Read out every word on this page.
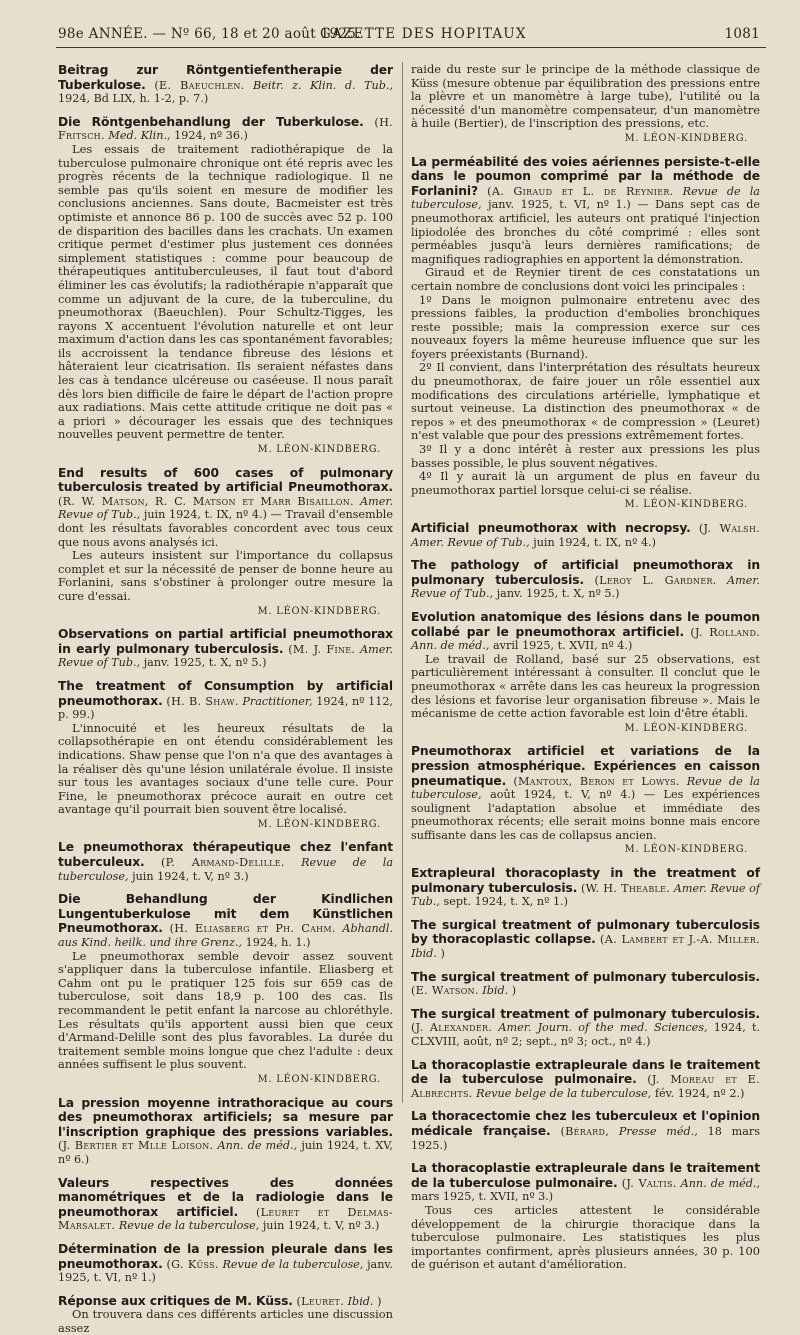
98e ANNÉE. — Nº 66, 18 et 20 août 1925.
GAZETTE DES HOPITAUX	1081
Beitrag zur Röntgentiefentherapie der Tuberkulose. (E. Baeuchlen. Beitr. z. Klin. d. Tub., 1924, Bd LIX, h. 1-2, p. 7.)
Die Röntgenbehandlung der Tuberkulose. (H. Fritsch. Med. Klin., 1924, nº 36.)

Les essais de traitement radiothérapique de la tuberculose pulmonaire chronique ont été repris avec les progrès récents de la technique radiologique. Il ne semble pas qu'ils soient en mesure de modifier les conclusions anciennes. Sans doute, Bacmeister est très optimiste et annonce 86 p. 100 de succès avec 52 p. 100 de disparition des bacilles dans les crachats. Un examen critique permet d'estimer plus justement ces données simplement statistiques : comme pour beaucoup de thérapeutiques antituberculeuses, il faut tout d'abord éliminer les cas évolutifs; la radiothérapie n'apparaît que comme un adjuvant de la cure, de la tuberculine, du pneumothorax (Baeuchlen). Pour Schultz-Tigges, les rayons X accentuent l'évolution naturelle et ont leur maximum d'action dans les cas spontanément favorables; ils accroissent la tendance fibreuse des lésions et hâteraient leur cicatrisation. Ils seraient néfastes dans les cas à tendance ulcéreuse ou caséeuse. Il nous paraît dès lors bien difficile de faire le départ de l'action propre aux radiations. Mais cette attitude critique ne doit pas « a priori » décourager les essais que des techniques nouvelles peuvent permettre de tenter.

M. LÉON-KINDBERG.
End results of 600 cases of pulmonary tuberculosis treated by artificial Pneumothorax. (R. W. Matson, R. C. Matson et Marr Bisaillon. Amer. Revue of Tub., juin 1924, t. IX, nº 4.) — Travail d'ensemble dont les résultats favorables concordent avec tous ceux que nous avons analysés ici.

Les auteurs insistent sur l'importance du collapsus complet et sur la nécessité de penser de bonne heure au Forlanini, sans s'obstiner à prolonger outre mesure la cure d'essai.

M. LÉON-KINDBERG.
Observations on partial artificial pneumothorax in early pulmonary tuberculosis. (M. J. Fine. Amer. Revue of Tub., janv. 1925, t. X, nº 5.)
The treatment of Consumption by artificial pneumothorax. (H. B. Shaw. Practitioner, 1924, nº 112, p. 99.)

L'innocuité et les heureux résultats de la collapsothérapie en ont étendu considérablement les indications. Shaw pense que l'on n'a que des avantages à la réaliser dès qu'une lésion unilatérale évolue. Il insiste sur tous les avantages sociaux d'une telle cure. Pour Fine, le pneumothorax précoce aurait en outre cet avantage qu'il pourrait bien souvent être localisé.

M. LÉON-KINDBERG.
Le pneumothorax thérapeutique chez l'enfant tuberculeux. (P. Armand-Delille. Revue de la tuberculose, juin 1924, t. V, nº 3.)
Die Behandlung der Kindlichen Lungentuberkulose mit dem Künstlichen Pneumothorax. (H. Eliasberg et Ph. Cahm. Abhandl. aus Kind. heilk. und ihre Grenz., 1924, h. 1.)

Le pneumothorax semble devoir assez souvent s'appliquer dans la tuberculose infantile. Eliasberg et Cahm ont pu le pratiquer 125 fois sur 659 cas de tuberculose, soit dans 18,9 p. 100 des cas. Ils recommandent le petit enfant la narcose au chloréthyle. Les résultats qu'ils apportent aussi bien que ceux d'Armand-Delille sont des plus favorables. La durée du traitement semble moins longue que chez l'adulte : deux années suffisent le plus souvent.

M. LÉON-KINDBERG.
La pression moyenne intrathoracique au cours des pneumothorax artificiels; sa mesure par l'inscription graphique des pressions variables. (J. Bertier et Mlle Loison. Ann. de méd., juin 1924, t. XV, nº 6.)
Valeurs respectives des données manométriques et de la radiologie dans le pneumothorax artificiel. (Leuret et Delmas-Marsalet. Revue de la tuberculose, juin 1924, t. V, nº 3.)
Détermination de la pression pleurale dans les pneumothorax. (G. Küss. Revue de la tuberculose, janv. 1925, t. VI, nº 1.)
Réponse aux critiques de M. Küss. (Leuret. Ibid. )

On trouvera dans ces différents articles une discussion assez

raide du reste sur le principe de la méthode classique de Küss (mesure obtenue par équilibration des pressions entre la plèvre et un manomètre à large tube), l'utilité ou la nécessité d'un manomètre compensateur, d'un manomètre à huile (Bertier), de l'inscription des pressions, etc.

M. LÉON-KINDBERG.
La perméabilité des voies aériennes persiste-t-elle dans le poumon comprimé par la méthode de Forlanini? (A. Giraud et L. de Reynier. Revue de la tuberculose, janv. 1925, t. VI, nº 1.) — Dans sept cas de pneumothorax artificiel, les auteurs ont pratiqué l'injection lipiodolée des bronches du côté comprimé : elles sont perméables jusqu'à leurs dernières ramifications; de magnifiques radiographies en apportent la démonstration.

Giraud et de Reynier tirent de ces constatations un certain nombre de conclusions dont voici les principales :

1º Dans le moignon pulmonaire entretenu avec des pressions faibles, la production d'embolies bronchiques reste possible; mais la compression exerce sur ces nouveaux foyers la même heureuse influence que sur les foyers préexistants (Burnand).

2º Il convient, dans l'interprétation des résultats heureux du pneumothorax, de faire jouer un rôle essentiel aux modifications des circulations artérielle, lymphatique et surtout veineuse. La distinction des pneumothorax « de repos » et des pneumothorax « de compression » (Leuret) n'est valable que pour des pressions extrêmement fortes.

3º Il y a donc intérêt à rester aux pressions les plus basses possible, le plus souvent négatives.

4º Il y aurait là un argument de plus en faveur du pneumothorax partiel lorsque celui-ci se réalise.

M. LÉON-KINDBERG.
Artificial pneumothorax with necropsy. (J. Walsh. Amer. Revue of Tub., juin 1924, t. IX, nº 4.)
The pathology of artificial pneumothorax in pulmonary tuberculosis. (Leroy L. Gardner. Amer. Revue of Tub., janv. 1925, t. X, nº 5.)
Evolution anatomique des lésions dans le poumon collabé par le pneumothorax artificiel. (J. Rolland. Ann. de méd., avril 1925, t. XVII, nº 4.)

Le travail de Rolland, basé sur 25 observations, est particulièrement intéressant à consulter. Il conclut que le pneumothorax « arrête dans les cas heureux la progression des lésions et favorise leur organisation fibreuse ». Mais le mécanisme de cette action favorable est loin d'être établi.

M. LÉON-KINDBERG.
Pneumothorax artificiel et variations de la pression atmosphérique. Expériences en caisson pneumatique. (Mantoux, Beron et Lowys. Revue de la tuberculose, août 1924, t. V, nº 4.) — Les expériences soulignent l'adaptation absolue et immédiate des pneumothorax récents; elle serait moins bonne mais encore suffisante dans les cas de collapsus ancien.
M. LÉON-KINDBERG.
Extrapleural thoracoplasty in the treatment of pulmonary tuberculosis. (W. H. Theable. Amer. Revue of Tub., sept. 1924, t. X, nº 1.)
The surgical treatment of pulmonary tuberculosis by thoracoplastic collapse. (A. Lambert et J.-A. Miller. Ibid. )
The surgical treatment of pulmonary tuberculosis. (E. Watson. Ibid. )
The surgical treatment of pulmonary tuberculosis. (J. Alexander. Amer. Journ. of the med. Sciences, 1924, t. CLXVIII, août, nº 2; sept., nº 3; oct., nº 4.)
La thoracoplastie extrapleurale dans le traitement de la tuberculose pulmonaire. (J. Moreau et E. Albrechts. Revue belge de la tuberculose, fév. 1924, nº 2.)
La thoracectomie chez les tuberculeux et l'opinion médicale française. (Bérard, Presse méd., 18 mars 1925.)
La thoracoplastie extrapleurale dans le traitement de la tuberculose pulmonaire. (J. Valtis. Ann. de méd., mars 1925, t. XVII, nº 3.)

Tous ces articles attestent le considérable développement de la chirurgie thoracique dans la tuberculose pulmonaire. Les statistiques les plus importantes confirment, après plusieurs années, 30 p. 100 de guérison et autant d'amélioration.
